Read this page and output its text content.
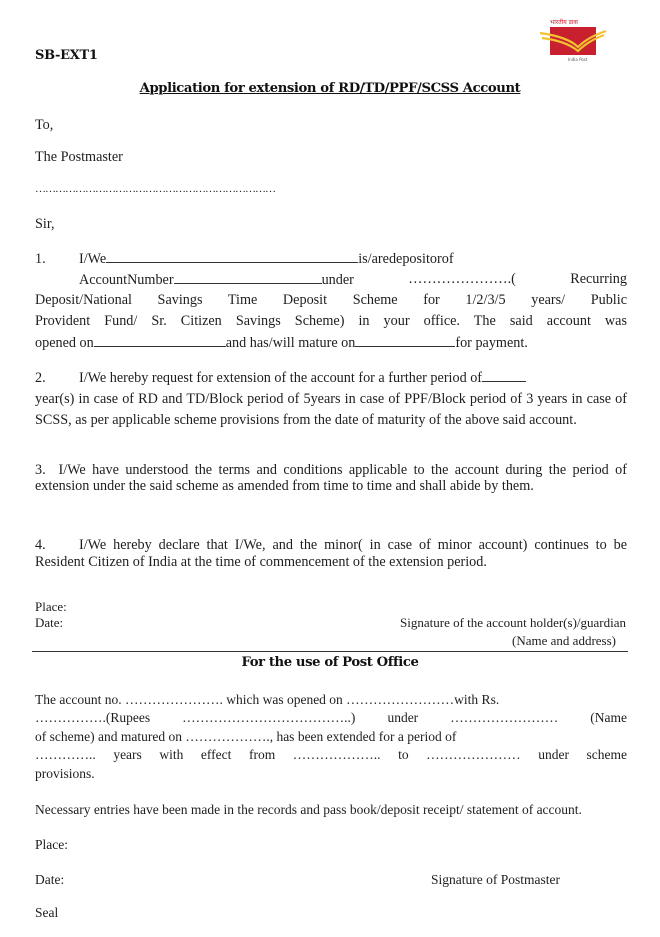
भारतीय डाक
India Post
SB-EXT1
Application for extension of RD/TD/PPF/SCSS Account
To,
The Postmaster
………………………………………………………………
Sir,
1. I/We	is/aredepositorof
AccountNumber	under	………………….(	Recurring
Deposit/National Savings Time Deposit Scheme for 1/2/3/5 years/ Public
Provident Fund/ Sr. Citizen Savings Scheme) in your office. The said account was
opened on	and has/will mature on	for payment.
2. I/We hereby request for extension of the account for a further period of
year(s) in case of RD and TD/Block period of 5years in case of PPF/Block period of 3 years in case of SCSS, as per applicable scheme provisions from the date of maturity of the above said account.
3. I/We have understood the terms and conditions applicable to the account during the period of extension under the said scheme as amended from time to time and shall abide by them.
4. I/We hereby declare that I/We, and the minor( in case of minor account) continues to be Resident Citizen of India at the time of commencement of the extension period.
Place:
Date:	Signature of the account holder(s)/guardian
(Name and address)
For the use of Post Office
The account no. …………………. which was opened on ……………………with Rs.
…………….(Rupees ………………………………..) under …………………… (Name
of scheme) and matured on ………………., has been extended for a period of
………….. years with effect from ……………….. to ………………… under scheme
provisions.
Necessary entries have been made in the records and pass book/deposit receipt/ statement of account.
Place:
Date:	Signature of Postmaster
Seal
